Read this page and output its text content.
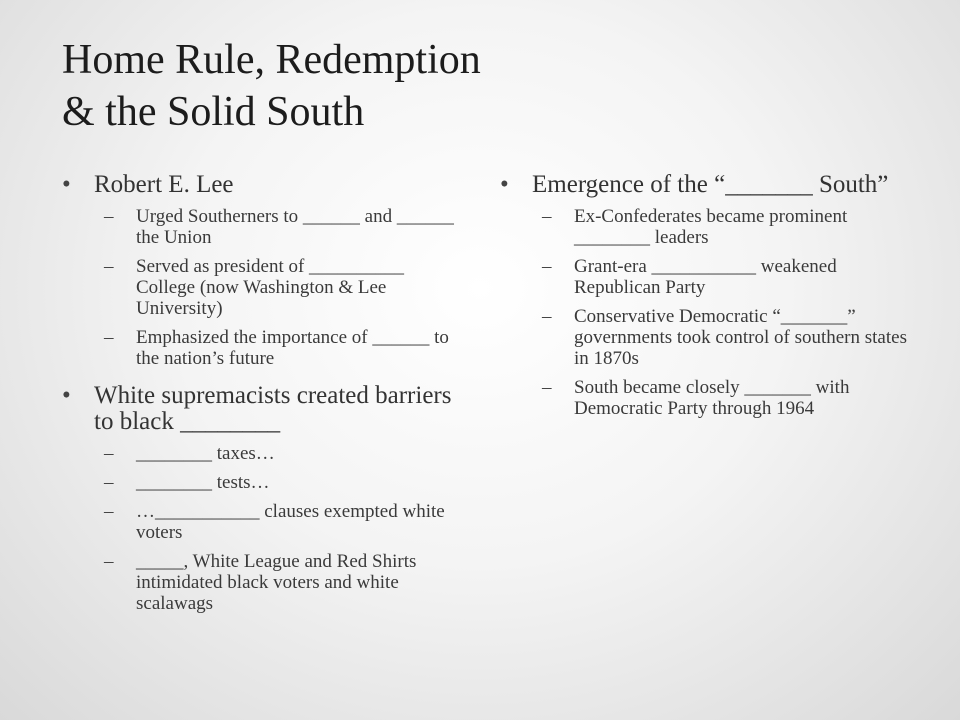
Home Rule, Redemption
& the Solid South
• Robert E. Lee
– Urged Southerners to ______ and ______ the Union
– Served as president of __________ College (now Washington & Lee University)
– Emphasized the importance of ______ to the nation’s future
• White supremacists created barriers to black ________
– ________ taxes…
– ________ tests…
– …___________ clauses exempted white voters
– _____, White League and Red Shirts intimidated black voters and white scalawags
• Emergence of the “_______ South”
– Ex-Confederates became prominent ________ leaders
– Grant-era ___________ weakened Republican Party
– Conservative Democratic “_______” governments took control of southern states in 1870s
– South became closely _______ with Democratic Party through 1964
